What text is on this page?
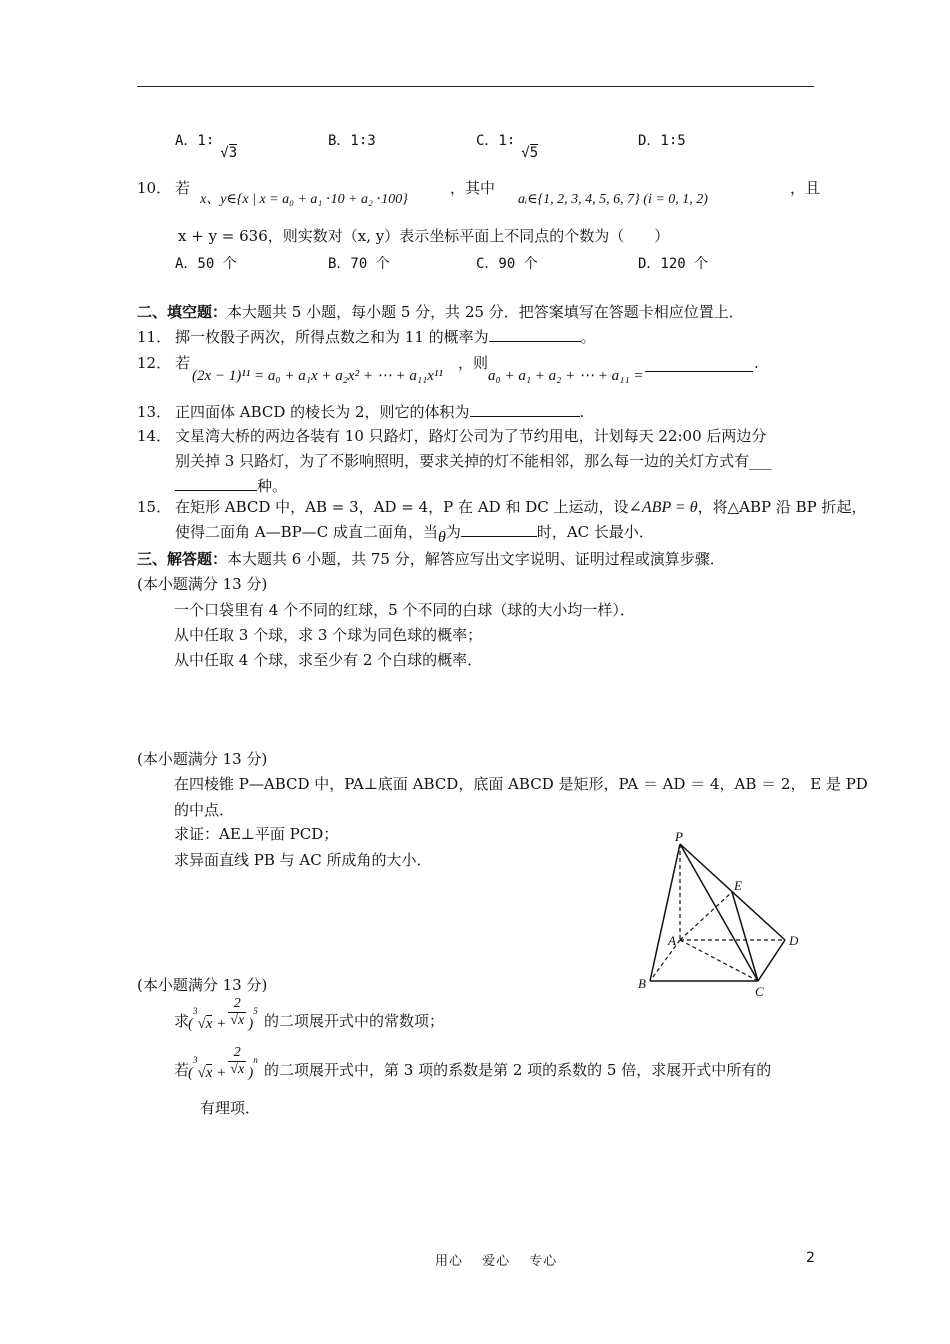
A．1∶√3
B．1∶3	C．1∶√5
D．1∶5
10． 若
x、y∈{x | x = a₀ + a₁ ⋅10 + a₂ ⋅100}
，其中
aᵢ∈{1, 2, 3, 4, 5, 6, 7} (i = 0, 1, 2)
，且
x + y = 636，则实数对（x, y）表示坐标平面上不同点的个数为（　　）
A．50 个	B．70 个	C．90 个	D．120 个
二、填空题：本大题共 5 小题，每小题 5 分，共 25 分．把答案填写在答题卡相应位置上．
11． 掷一枚骰子两次，所得点数之和为 11 的概率为	。
12． 若
(2x − 1)¹¹ = a₀ + a₁x + a₂x² + ⋯ + a₁₁x¹¹
，则
a₀ + a₁ + a₂ + ⋯ + a₁₁ =
.
13． 正四面体 ABCD 的棱长为 2，则它的体积为	.
14． 文星湾大桥的两边各装有 10 只路灯，路灯公司为了节约用电，计划每天 22:00 后两边分
别关掉 3 只路灯，为了不影响照明，要求关掉的灯不能相邻，那么每一边的关灯方式有___
种。
15． 在矩形 ABCD 中，AB = 3，AD = 4，P 在 AD 和 DC 上运动，设∠ABP = θ，将△ABP 沿 BP 折起，
使得二面角 A—BP—C 成直二面角，当θ为	时，AC 长最小．
三、解答题：本大题共 6 小题，共 75 分，解答应写出文字说明、证明过程或演算步骤．
(本小题满分 13 分)
一个口袋里有 4 个不同的红球，5 个不同的白球（球的大小均一样）．
从中任取 3 个球，求 3 个球为同色球的概率；
从中任取 4 个球，求至少有 2 个白球的概率．
(本小题满分 13 分)
在四棱锥 P—ABCD 中，PA⊥底面 ABCD，底面 ABCD 是矩形，PA ＝ AD ＝ 4，AB ＝ 2， E 是 PD
的中点．
求证：AE⊥平面 PCD；
求异面直线 PB 与 AC 所成角的大小．
P
E
A	D
B
C
(本小题满分 13 分)
求
$(^3√x + \frac{2}{√x} )^5$
的二项展开式中的常数项；
若
$(^3√x + \frac{2}{√x} )^n$
的二项展开式中，第 3 项的系数是第 2 项的系数的 5 倍，求展开式中所有的
有理项．
用心　 爱心　 专心	2
